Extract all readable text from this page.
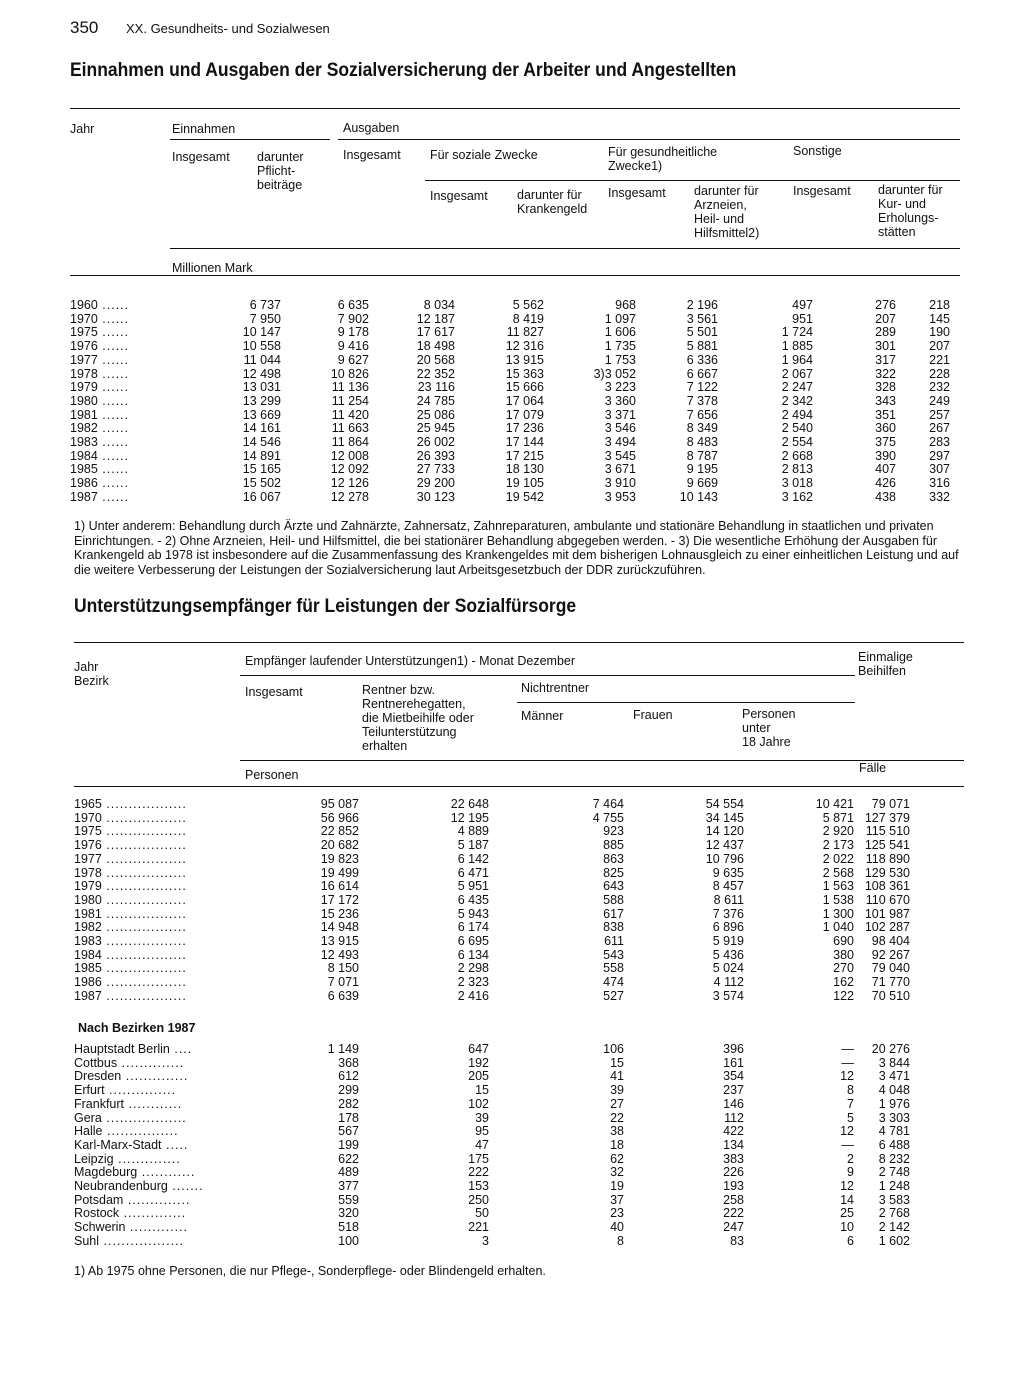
350 XX. Gesundheits- und Sozialwesen
Einnahmen und Ausgaben der Sozialversicherung der Arbeiter und Angestellten
Jahr	Einnahmen	Ausgaben
Insgesamt darunter Pflicht-
beiträge
Insgesamt Für soziale Zwecke	Für gesundheitliche Zwecke1)
Sonstige
Insgesamt darunter für
Krankengeld
Insgesamt darunter für
Arzneien,
Heil- und
Hilfsmittel2)
Insgesamt darunter für
Kur- und
Erholungs-
stätten
Millionen Mark
1960 ......	6 737	6 635	8 034	5 562	968	2 196	497	276	218
1970 ......	7 950	7 902	12 187	8 419	1 097	3 561	951	207	145
1975 ......	10 147	9 178	17 617	11 827	1 606	5 501	1 724	289	190
1976 ......	10 558	9 416	18 498	12 316	1 735	5 881	1 885	301	207
1977 ......	11 044	9 627	20 568	13 915	1 753	6 336	1 964	317	221
1978 ......	12 498	10 826	22 352	15 363	3)3 052	6 667	2 067	322	228
1979 ......	13 031	11 136	23 116	15 666	3 223	7 122	2 247	328	232
1980 ......	13 299	11 254	24 785	17 064	3 360	7 378	2 342	343	249
1981 ......	13 669	11 420	25 086	17 079	3 371	7 656	2 494	351	257
1982 ......	14 161	11 663	25 945	17 236	3 546	8 349	2 540	360	267
1983 ......	14 546	11 864	26 002	17 144	3 494	8 483	2 554	375	283
1984 ......	14 891	12 008	26 393	17 215	3 545	8 787	2 668	390	297
1985 ......	15 165	12 092	27 733	18 130	3 671	9 195	2 813	407	307
1986 ......	15 502	12 126	29 200	19 105	3 910	9 669	3 018	426	316
1987 ......	16 067	12 278	30 123	19 542	3 953	10 143	3 162	438	332
1) Unter anderem: Behandlung durch Ärzte und Zahnärzte, Zahnersatz, Zahnreparaturen, ambulante und stationäre Behandlung in staatlichen und privaten Einrichtungen. - 2) Ohne Arzneien, Heil- und Hilfsmittel, die bei stationärer Behandlung abgegeben werden. - 3) Die wesentliche Erhöhung der Ausgaben für Krankengeld ab 1978 ist insbesondere auf die Zusammenfassung des Krankengeldes mit dem bisherigen Lohnausgleich zu einer einheitlichen Leistung und auf die weitere Verbesserung der Leistungen der Sozialversicherung laut Arbeitsgesetzbuch der DDR zurückzuführen.
Unterstützungsempfänger für Leistungen der Sozialfürsorge
Jahr
Bezirk
Empfänger laufender Unterstützungen1) - Monat Dezember	Einmalige
Beihilfen
Insgesamt	Rentner bzw.
Rentnerehegatten,
die Mietbeihilfe oder
Teilunterstützung
erhalten
Nichtrentner
Männer	Frauen	Personen
unter
18 Jahre
Personen	Fälle
1965 ..................	95 087	22 648	7 464	54 554	10 421	79 071
1970 ..................	56 966	12 195	4 755	34 145	5 871	127 379
1975 ..................	22 852	4 889	923	14 120	2 920	115 510
1976 ..................	20 682	5 187	885	12 437	2 173	125 541
1977 ..................	19 823	6 142	863	10 796	2 022	118 890
1978 ..................	19 499	6 471	825	9 635	2 568	129 530
1979 ..................	16 614	5 951	643	8 457	1 563	108 361
1980 ..................	17 172	6 435	588	8 611	1 538	110 670
1981 ..................	15 236	5 943	617	7 376	1 300	101 987
1982 ..................	14 948	6 174	838	6 896	1 040	102 287
1983 ..................	13 915	6 695	611	5 919	690	98 404
1984 ..................	12 493	6 134	543	5 436	380	92 267
1985 ..................	8 150	2 298	558	5 024	270	79 040
1986 ..................	7 071	2 323	474	4 112	162	71 770
1987 ..................	6 639	2 416	527	3 574	122	70 510
Nach Bezirken 1987
Hauptstadt Berlin ....	1 149	647	106	396	—	20 276
Cottbus ..............	368	192	15	161	—	3 844
Dresden ..............	612	205	41	354	12	3 471
Erfurt ...............	299	15	39	237	8	4 048
Frankfurt ............	282	102	27	146	7	1 976
Gera ..................	178	39	22	112	5	3 303
Halle ................	567	95	38	422	12	4 781
Karl-Marx-Stadt .....	199	47	18	134	—	6 488
Leipzig ..............	622	175	62	383	2	8 232
Magdeburg ............	489	222	32	226	9	2 748
Neubrandenburg .......	377	153	19	193	12	1 248
Potsdam ..............	559	250	37	258	14	3 583
Rostock ..............	320	50	23	222	25	2 768
Schwerin .............	518	221	40	247	10	2 142
Suhl ..................	100	3	8	83	6	1 602
1) Ab 1975 ohne Personen, die nur Pflege-, Sonderpflege- oder Blindengeld erhalten.
